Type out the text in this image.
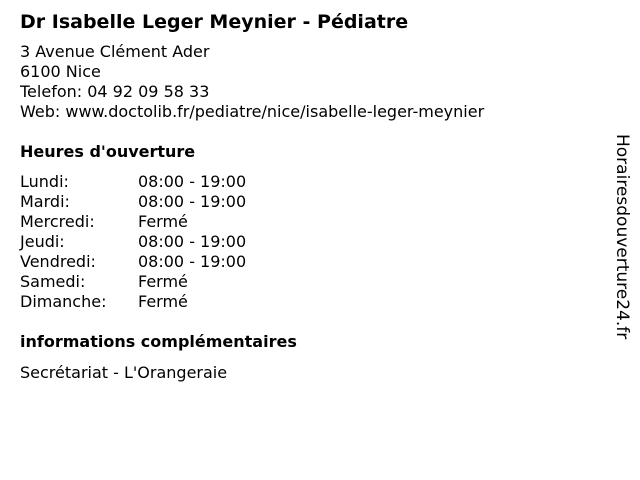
Dr Isabelle Leger Meynier - Pédiatre
3 Avenue Clément Ader
6100 Nice
Telefon: 04 92 09 58 33
Web: www.doctolib.fr/pediatre/nice/isabelle-leger-meynier
Heures d'ouverture
Lundi:	08:00 - 19:00
Mardi:	08:00 - 19:00
Mercredi:	Fermé
Jeudi:	08:00 - 19:00
Vendredi:	08:00 - 19:00
Samedi:	Fermé
Dimanche:	Fermé
informations complémentaires
Secrétariat - L'Orangeraie
Horairesdouverture24.fr
